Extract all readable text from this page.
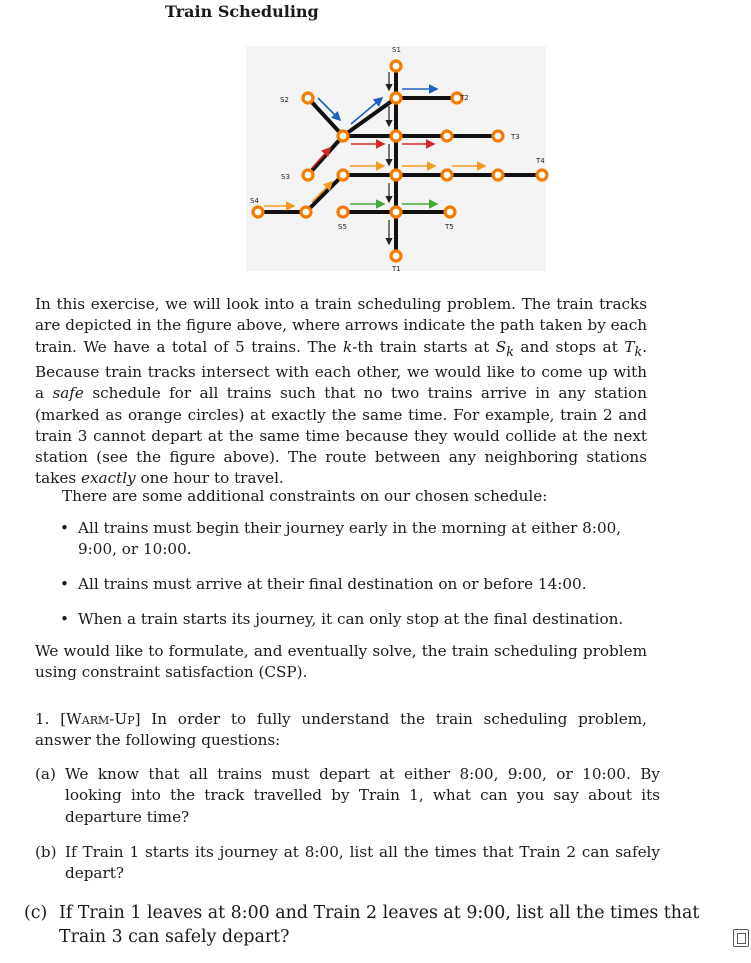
Train Scheduling
S1
S2
S3
S4
S5
T1
T2
T3
T4
T5
In this exercise, we will look into a train scheduling problem. The train tracks are depicted in the figure above, where arrows indicate the path taken by each train. We have a total of 5 trains. The k-th train starts at $S_k$ and stops at $T_k$. Because train tracks intersect with each other, we would like to come up with a safe schedule for all trains such that no two trains arrive in any station (marked as orange circles) at exactly the same time. For example, train 2 and train 3 cannot depart at the same time because they would collide at the next station (see the figure above). The route between any neighboring stations takes exactly one hour to travel.
There are some additional constraints on our chosen schedule:
• All trains must begin their journey early in the morning at either 8:00, 9:00, or 10:00.
• All trains must arrive at their final destination on or before 14:00.
• When a train starts its journey, it can only stop at the final destination.
We would like to formulate, and eventually solve, the train scheduling problem using constraint satisfaction (CSP).
1. [Warm-Up] In order to fully understand the train scheduling problem, answer the following questions:
(a) We know that all trains must depart at either 8:00, 9:00, or 10:00. By looking into the track travelled by Train 1, what can you say about its departure time?
(b) If Train 1 starts its journey at 8:00, list all the times that Train 2 can safely depart?
(c) If Train 1 leaves at 8:00 and Train 2 leaves at 9:00, list all the times that Train 3 can safely depart?
